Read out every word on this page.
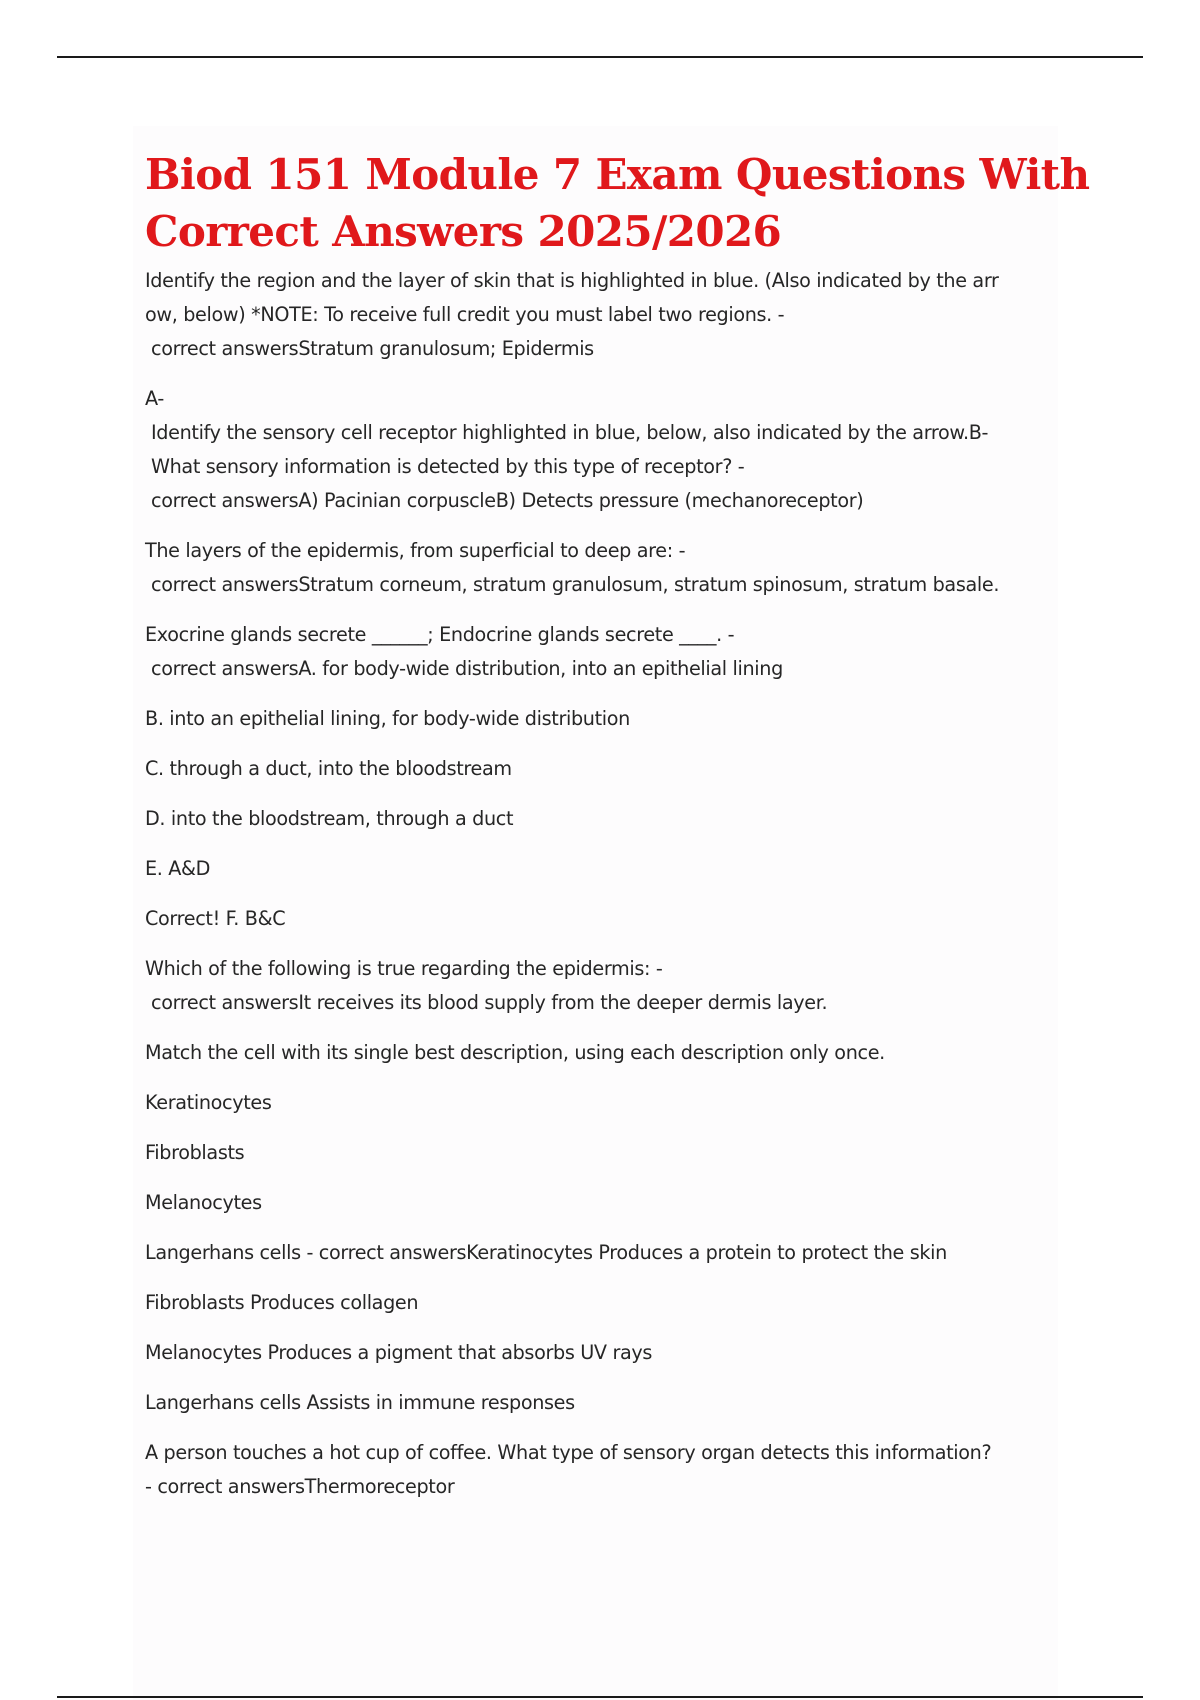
Biod 151 Module 7 Exam Questions With
Correct Answers 2025/2026
Identify the region and the layer of skin that is highlighted in blue. (Also indicated by the arr
ow, below) *NOTE: To receive full credit you must label two regions. -
correct answersStratum granulosum; Epidermis
A-
Identify the sensory cell receptor highlighted in blue, below, also indicated by the arrow.B-
What sensory information is detected by this type of receptor? -
correct answersA) Pacinian corpuscleB) Detects pressure (mechanoreceptor)
The layers of the epidermis, from superficial to deep are: -
correct answersStratum corneum, stratum granulosum, stratum spinosum, stratum basale.
Exocrine glands secrete ______; Endocrine glands secrete ____. -
correct answersA. for body-wide distribution, into an epithelial lining
B. into an epithelial lining, for body-wide distribution
C. through a duct, into the bloodstream
D. into the bloodstream, through a duct
E. A&D
Correct! F. B&C
Which of the following is true regarding the epidermis: -
correct answersIt receives its blood supply from the deeper dermis layer.
Match the cell with its single best description, using each description only once.
Keratinocytes
Fibroblasts
Melanocytes
Langerhans cells - correct answersKeratinocytes Produces a protein to protect the skin
Fibroblasts Produces collagen
Melanocytes Produces a pigment that absorbs UV rays
Langerhans cells Assists in immune responses
A person touches a hot cup of coffee. What type of sensory organ detects this information?
- correct answersThermoreceptor
